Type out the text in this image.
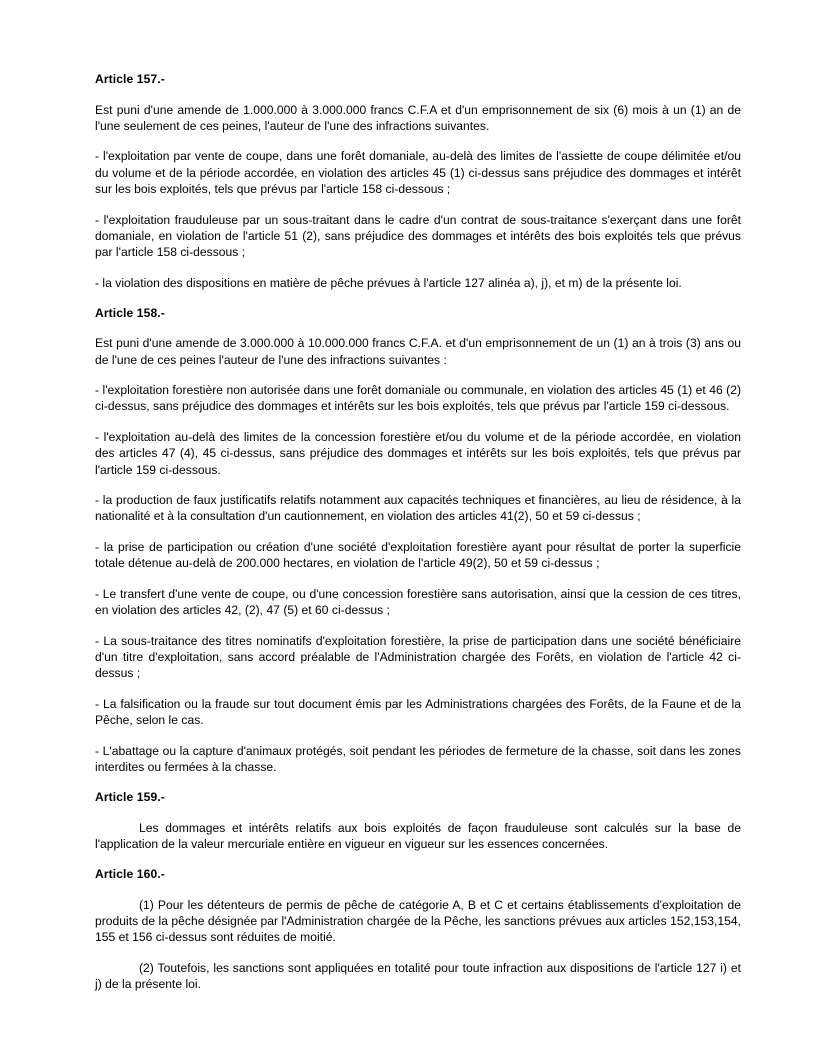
Article 157.-

Est puni d'une amende de 1.000.000 à 3.000.000 francs C.F.A et d'un emprisonnement de six (6) mois à un (1) an de l'une seulement de ces peines, l'auteur de l'une des infractions suivantes.

- l'exploitation par vente de coupe, dans une forêt domaniale, au-delà des limites de l'assiette de coupe délimitée et/ou du volume et de la période accordée, en violation des articles 45 (1) ci-dessus sans préjudice des dommages et intérêt sur les bois exploités, tels que prévus par l'article 158 ci-dessous ;

- l'exploitation frauduleuse par un sous-traitant dans le cadre d'un contrat de sous-traitance s'exerçant dans une forêt domaniale, en violation de l'article 51 (2), sans préjudice des dommages et intérêts des bois exploités tels que prévus par l'article 158 ci-dessous ;

- la violation des dispositions en matière de pêche prévues à l'article 127 alinéa a), j), et m) de la présente loi.

Article 158.-

Est puni d'une amende de 3.000.000 à 10.000.000 francs C.F.A. et d'un emprisonnement de un (1) an à trois (3) ans ou de l'une de ces peines l'auteur de l'une des infractions suivantes :

- l'exploitation forestière non autorisée dans une forêt domaniale ou communale, en violation des articles 45 (1) et 46 (2) ci-dessus, sans préjudice des dommages et intérêts sur les bois exploités, tels que prévus par l'article 159 ci-dessous.

- l'exploitation au-delà des limites de la concession forestière et/ou du volume et de la période accordée, en violation des articles 47 (4), 45 ci-dessus, sans préjudice des dommages et intérêts sur les bois exploités, tels que prévus par l'article 159 ci-dessous.

- la production de faux justificatifs relatifs notamment aux capacités techniques et financières, au lieu de résidence, à la nationalité et à la consultation d'un cautionnement, en violation des articles 41(2), 50 et 59 ci-dessus ;

- la prise de participation ou création d'une société d'exploitation forestière ayant pour résultat de porter la superficie totale détenue au-delà de 200.000 hectares, en violation de l'article 49(2), 50 et 59 ci-dessus ;

- Le transfert d'une vente de coupe, ou d'une concession forestière sans autorisation, ainsi que la cession de ces titres, en violation des articles 42, (2), 47 (5) et 60 ci-dessus ;

- La sous-traitance des titres nominatifs d'exploitation forestière, la prise de participation dans une société bénéficiaire d'un titre d'exploitation, sans accord préalable de l'Administration chargée des Forêts, en violation de l'article 42 ci-dessus ;

- La falsification ou la fraude sur tout document émis par les Administrations chargées des Forêts, de la Faune et de la Pêche, selon le cas.

- L'abattage ou la capture d'animaux protégés, soit pendant les périodes de fermeture de la chasse, soit dans les zones interdites ou fermées à la chasse.

Article 159.-

Les dommages et intérêts relatifs aux bois exploités de façon frauduleuse sont calculés sur la base de l'application de la valeur mercuriale entière en vigueur en vigueur sur les essences concernées.

Article 160.-

(1) Pour les détenteurs de permis de pêche de catégorie A, B et C et certains établissements d'exploitation de produits de la pêche désignée par l'Administration chargée de la Pêche, les sanctions prévues aux articles 152,153,154, 155 et 156 ci-dessus sont réduites de moitié.

(2) Toutefois, les sanctions sont appliquées en totalité pour toute infraction aux dispositions de l'article 127 i) et j) de la présente loi.
